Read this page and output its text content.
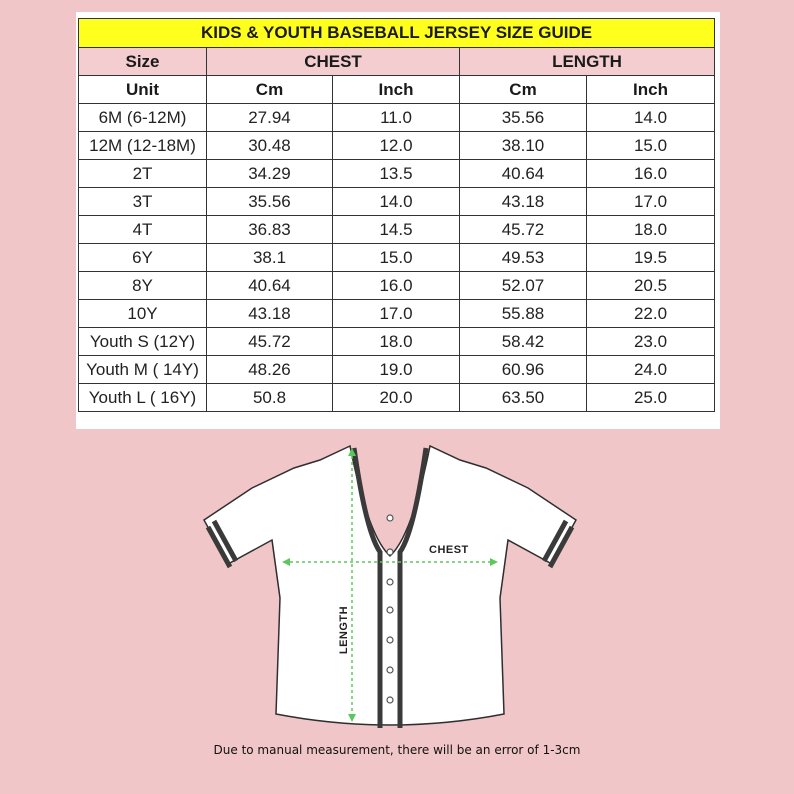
KIDS & YOUTH BASEBALL JERSEY SIZE GUIDE				
Size	CHEST		LENGTH	
Unit	Cm	Inch	Cm	Inch
6M (6-12M)	27.94	11.0	35.56	14.0
12M (12-18M)	30.48	12.0	38.10	15.0
2T	34.29	13.5	40.64	16.0
3T	35.56	14.0	43.18	17.0
4T	36.83	14.5	45.72	18.0
6Y	38.1	15.0	49.53	19.5
8Y	40.64	16.0	52.07	20.5
10Y	43.18	17.0	55.88	22.0
Youth S (12Y)	45.72	18.0	58.42	23.0
Youth M ( 14Y)	48.26	19.0	60.96	24.0
Youth L ( 16Y)	50.8	20.0	63.50	25.0
CHEST
LENGTH
Due to manual measurement, there will be an error of 1-3cm
